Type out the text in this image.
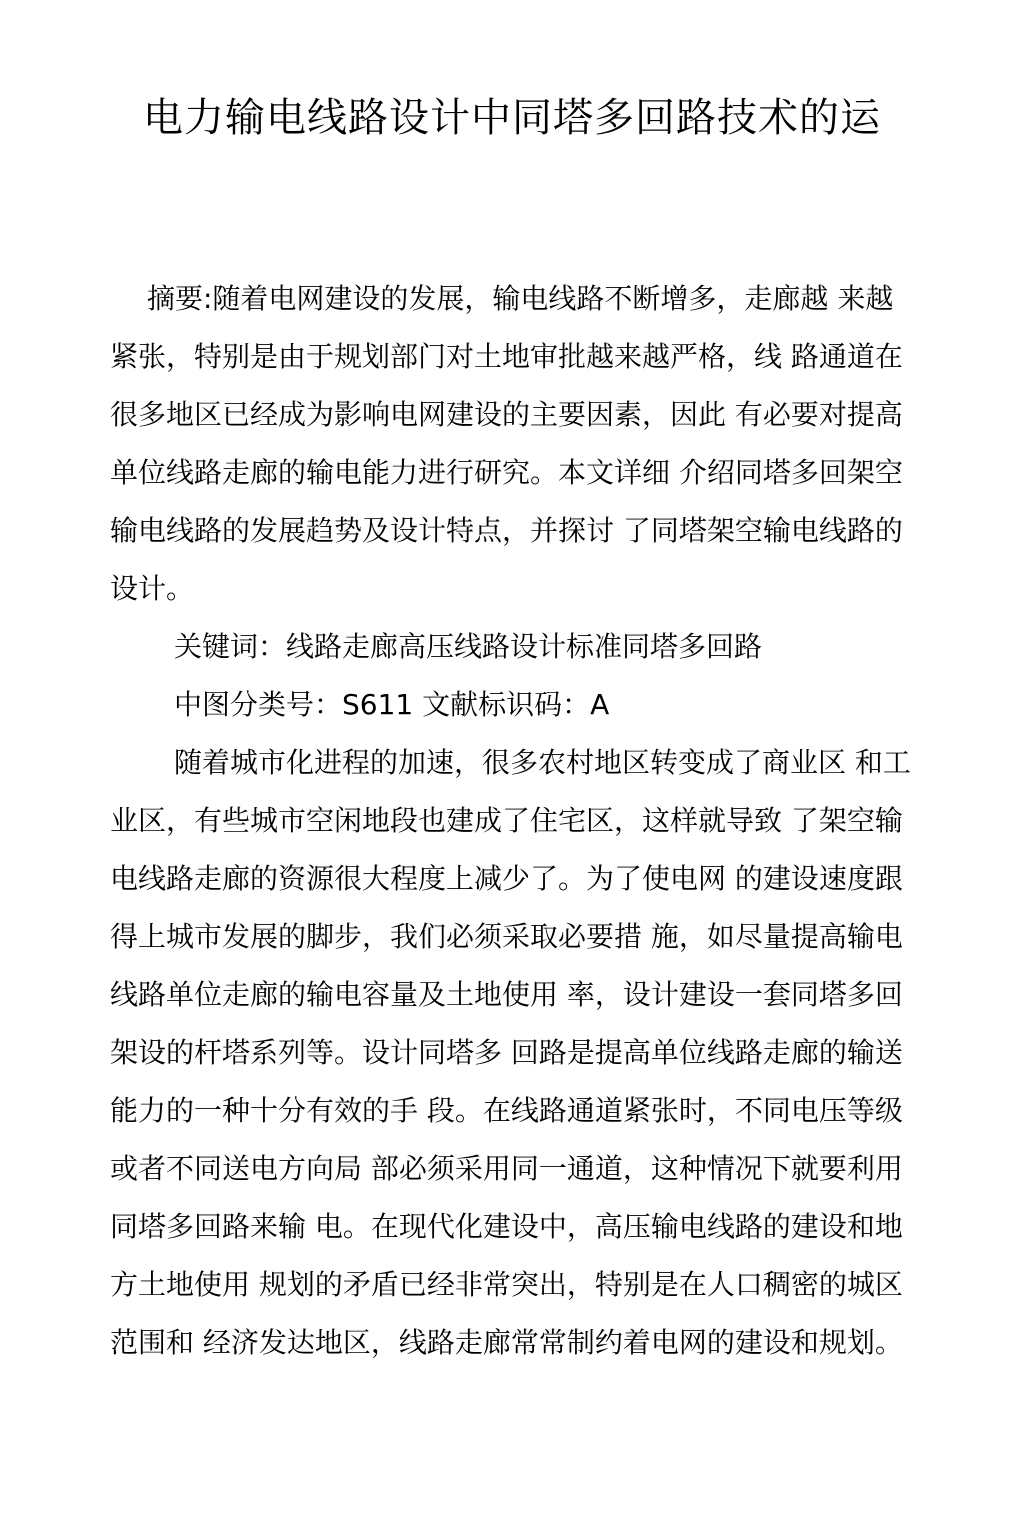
电力输电线路设计中同塔多回路技术的运
摘要:随着电网建设的发展，输电线路不断增多，走廊越 来越
紧张，特别是由于规划部门对土地审批越来越严格，线 路通道在
很多地区已经成为影响电网建设的主要因素，因此 有必要对提高
单位线路走廊的输电能力进行研究。本文详细 介绍同塔多回架空
输电线路的发展趋势及设计特点，并探讨 了同塔架空输电线路的
设计。
关键词：线路走廊高压线路设计标准同塔多回路
中图分类号：S611 文献标识码：A
随着城市化进程的加速，很多农村地区转变成了商业区 和工
业区，有些城市空闲地段也建成了住宅区，这样就导致 了架空输
电线路走廊的资源很大程度上减少了。为了使电网 的建设速度跟
得上城市发展的脚步，我们必须采取必要措 施，如尽量提高输电
线路单位走廊的输电容量及土地使用 率，设计建设一套同塔多回
架设的杆塔系列等。设计同塔多 回路是提高单位线路走廊的输送
能力的一种十分有效的手 段。在线路通道紧张时，不同电压等级
或者不同送电方向局 部必须采用同一通道，这种情况下就要利用
同塔多回路来输 电。在现代化建设中，高压输电线路的建设和地
方土地使用 规划的矛盾已经非常突出，特别是在人口稠密的城区
范围和 经济发达地区，线路走廊常常制约着电网的建设和规划。
